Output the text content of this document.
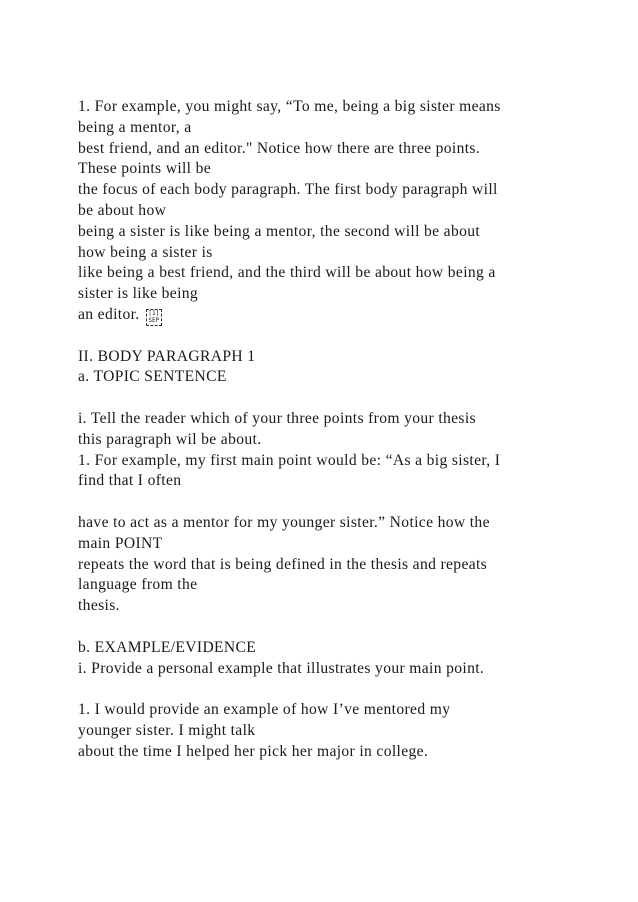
1. For example, you might say, “To me, being a big sister means
being a mentor, a
best friend, and an editor." Notice how there are three points.
These points will be
the focus of each body paragraph. The first body paragraph will
be about how
being a sister is like being a mentor, the second will be about
how being a sister is
like being a best friend, and the third will be about how being a
sister is like being
an editor. [1]
SEP
II. BODY PARAGRAPH 1
a. TOPIC SENTENCE
i. Tell the reader which of your three points from your thesis
this paragraph wil be about.
1. For example, my first main point would be: “As a big sister, I
find that I often
have to act as a mentor for my younger sister.” Notice how the
main POINT
repeats the word that is being defined in the thesis and repeats
language from the
thesis.
b. EXAMPLE/EVIDENCE
i. Provide a personal example that illustrates your main point.
1. I would provide an example of how I’ve mentored my
younger sister. I might talk
about the time I helped her pick her major in college.
